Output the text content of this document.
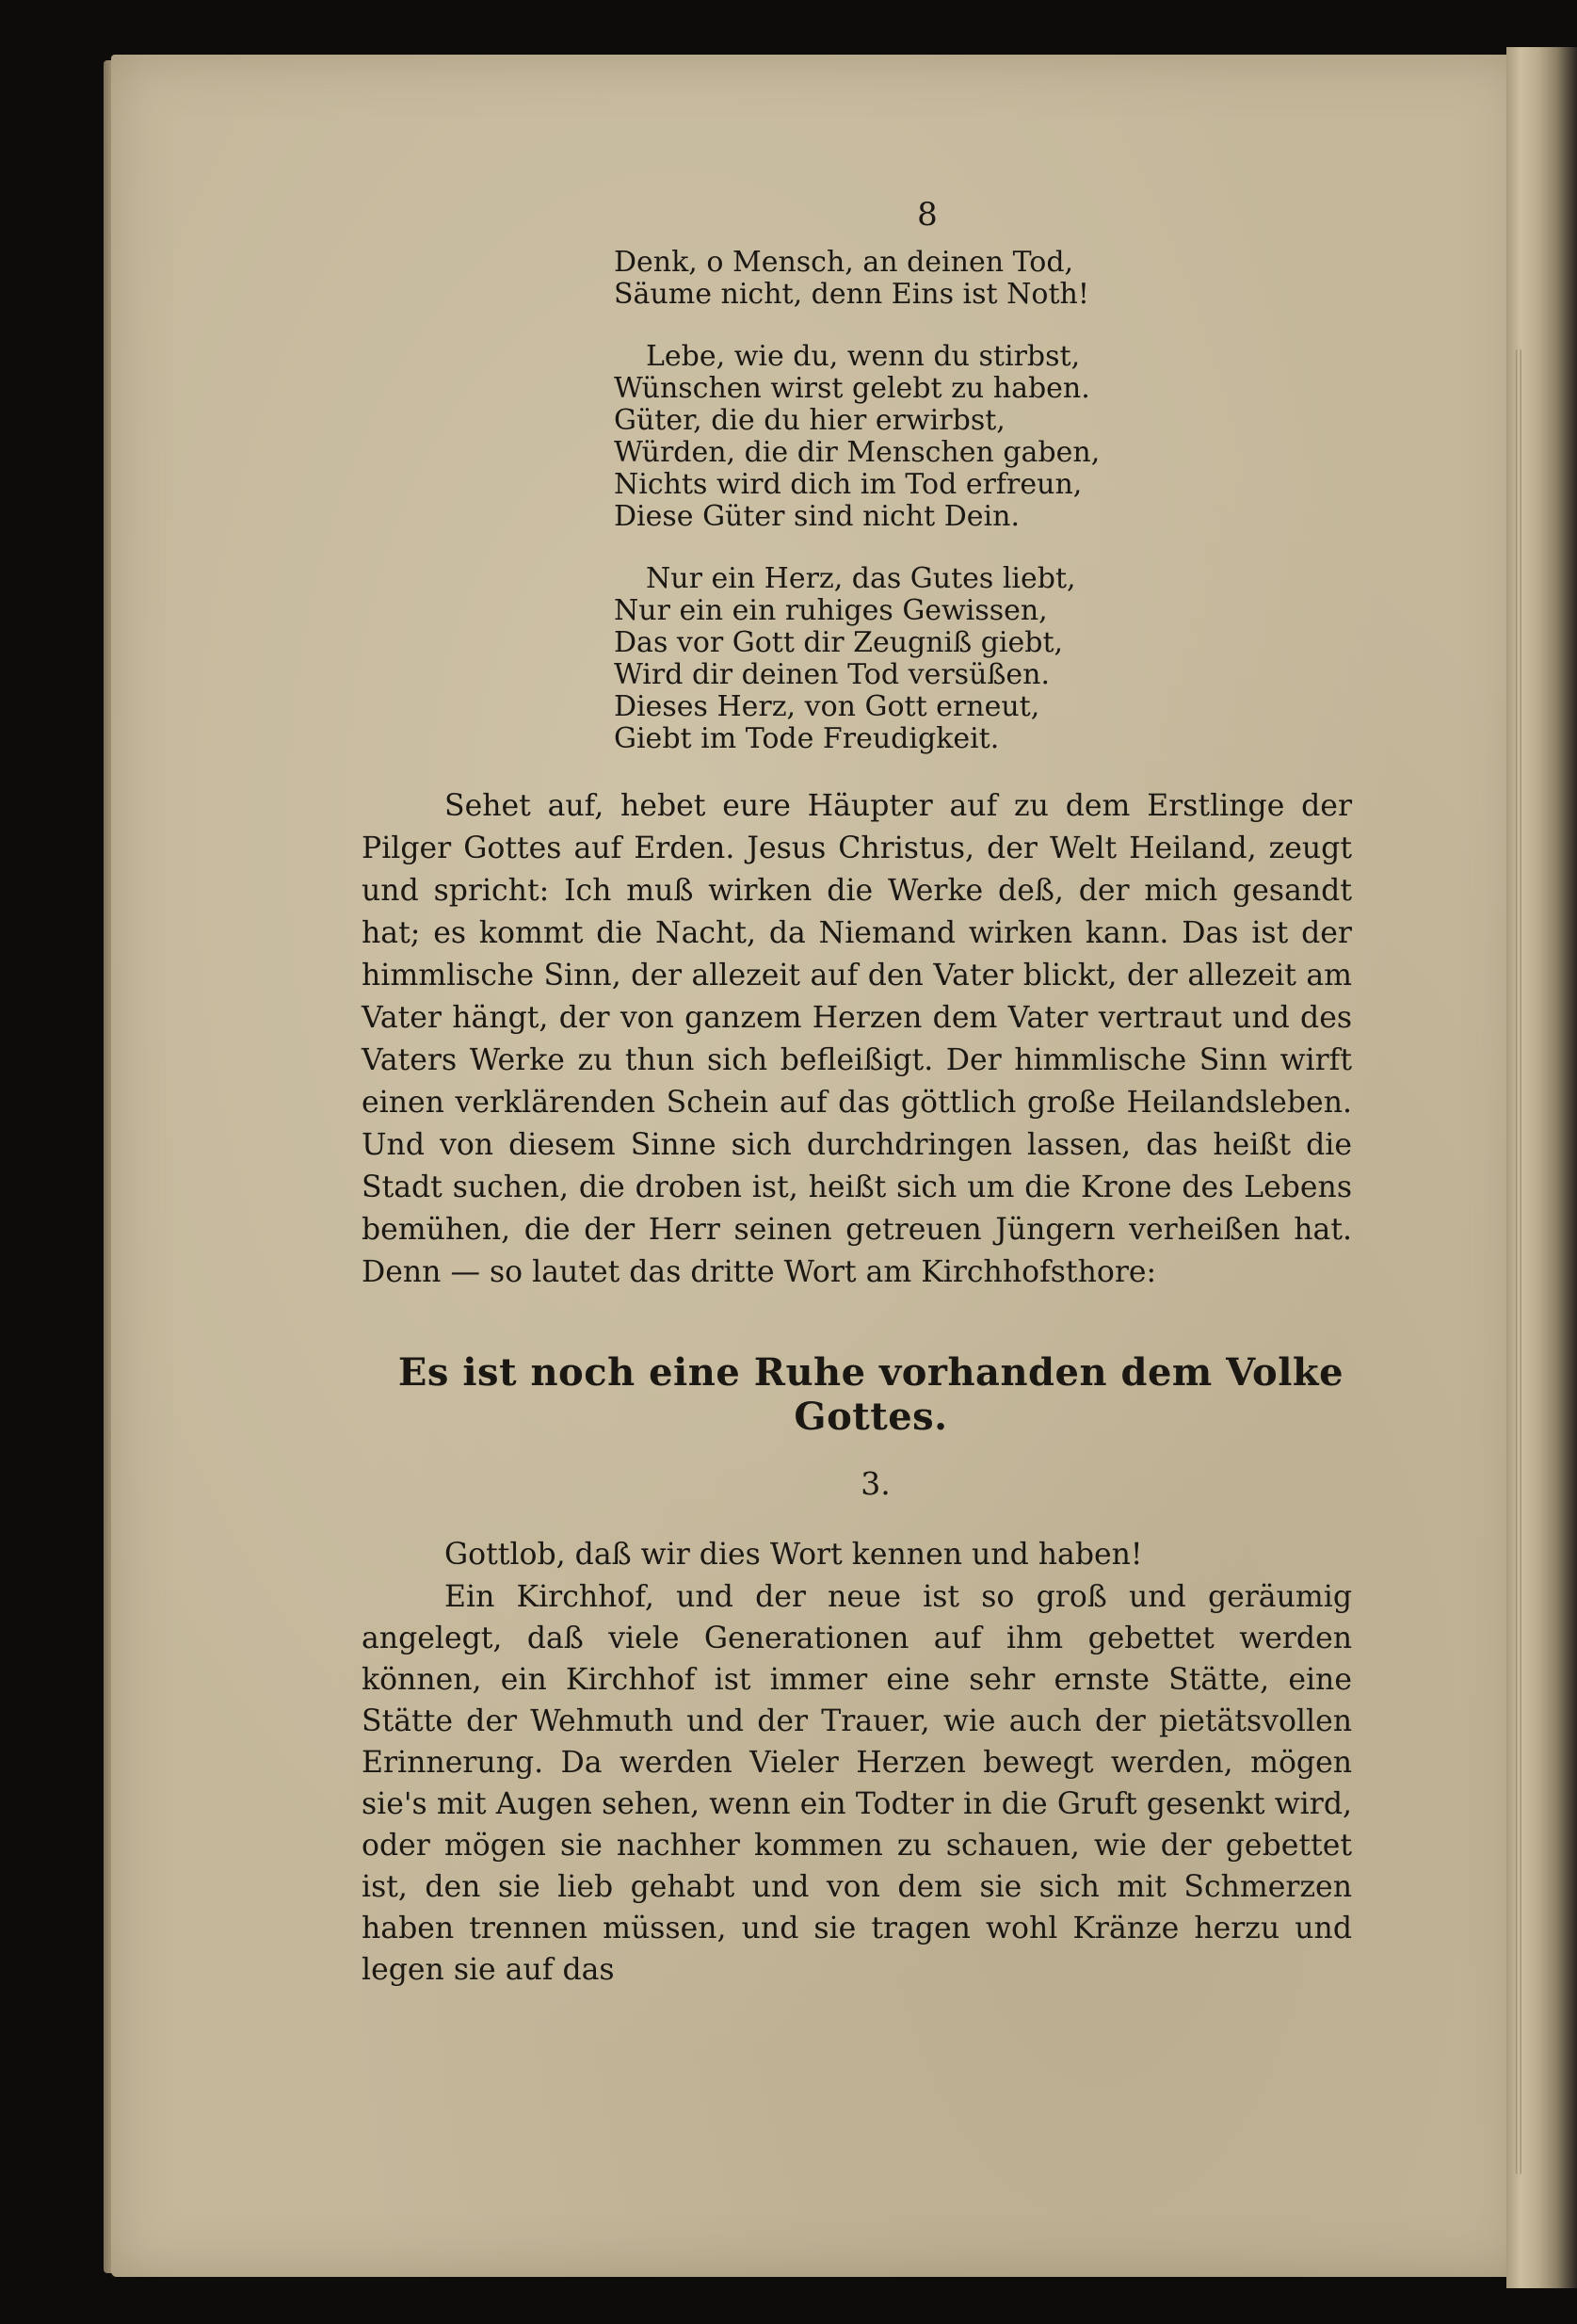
8
Denk, o Mensch, an deinen Tod,
Säume nicht, denn Eins ist Noth!
Lebe, wie du, wenn du stirbst,
Wünschen wirst gelebt zu haben.
Güter, die du hier erwirbst,
Würden, die dir Menschen gaben,
Nichts wird dich im Tod erfreun,
Diese Güter sind nicht Dein.
Nur ein Herz, das Gutes liebt,
Nur ein ein ruhiges Gewissen,
Das vor Gott dir Zeugniß giebt,
Wird dir deinen Tod versüßen.
Dieses Herz, von Gott erneut,
Giebt im Tode Freudigkeit.

Sehet auf, hebet eure Häupter auf zu dem Erstlinge der Pilger Gottes auf Erden. Jesus Christus, der Welt Heiland, zeugt und spricht: Ich muß wirken die Werke deß, der mich gesandt hat; es kommt die Nacht, da Niemand wirken kann. Das ist der himmlische Sinn, der allezeit auf den Vater blickt, der allezeit am Vater hängt, der von ganzem Herzen dem Vater vertraut und des Vaters Werke zu thun sich befleißigt. Der himmlische Sinn wirft einen verklärenden Schein auf das göttlich große Heilandsleben. Und von diesem Sinne sich durchdringen lassen, das heißt die Stadt suchen, die droben ist, heißt sich um die Krone des Lebens bemühen, die der Herr seinen getreuen Jüngern verheißen hat. Denn — so lautet das dritte Wort am Kirchhofsthore:

Es ist noch eine Ruhe vorhanden dem Volke Gottes.
3.

Gottlob, daß wir dies Wort kennen und haben!

Ein Kirchhof, und der neue ist so groß und geräumig angelegt, daß viele Generationen auf ihm gebettet werden können, ein Kirchhof ist immer eine sehr ernste Stätte, eine Stätte der Wehmuth und der Trauer, wie auch der pietätsvollen Erinnerung. Da werden Vieler Herzen bewegt werden, mögen sie's mit Augen sehen, wenn ein Todter in die Gruft gesenkt wird, oder mögen sie nachher kommen zu schauen, wie der gebettet ist, den sie lieb gehabt und von dem sie sich mit Schmerzen haben trennen müssen, und sie tragen wohl Kränze herzu und legen sie auf das
